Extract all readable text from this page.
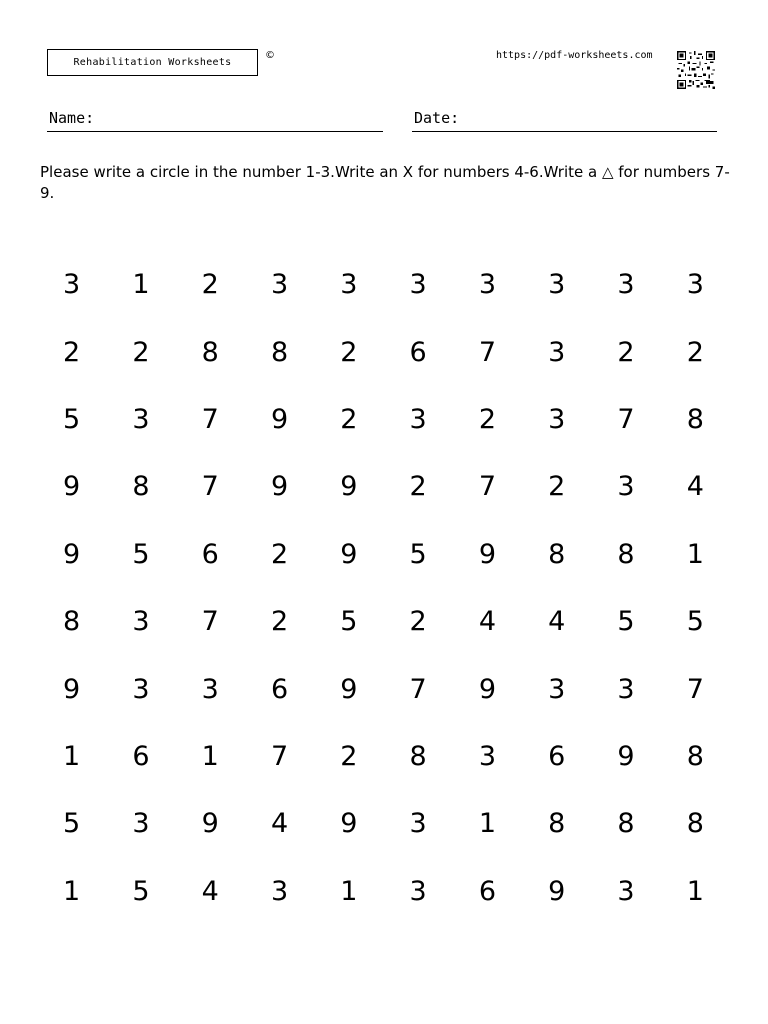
Rehabilitation Worksheets
©	https://pdf-worksheets.com
Name:	Date:
Please write a circle in the number 1-3.Write an X for numbers 4-6.Write a △ for numbers 7-9.
3	1	2	3	3	3	3	3	3	3
2	2	8	8	2	6	7	3	2	2
5	3	7	9	2	3	2	3	7	8
9	8	7	9	9	2	7	2	3	4
9	5	6	2	9	5	9	8	8	1
8	3	7	2	5	2	4	4	5	5
9	3	3	6	9	7	9	3	3	7
1	6	1	7	2	8	3	6	9	8
5	3	9	4	9	3	1	8	8	8
1	5	4	3	1	3	6	9	3	1
